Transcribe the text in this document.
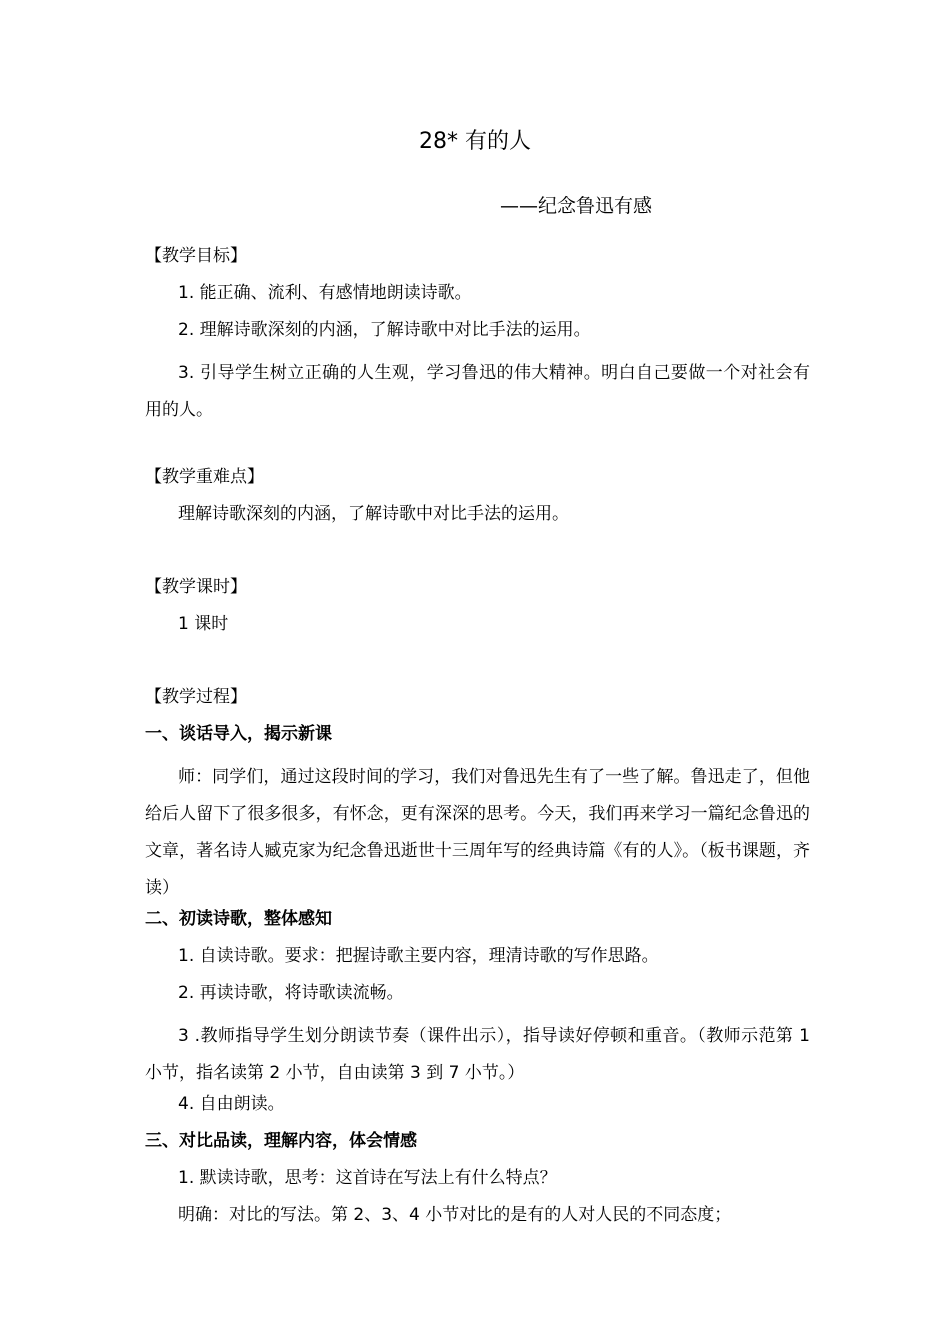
28* 有的人
——纪念鲁迅有感
【教学目标】
1. 能正确、流利、有感情地朗读诗歌。
2. 理解诗歌深刻的内涵，了解诗歌中对比手法的运用。

3. 引导学生树立正确的人生观，学习鲁迅的伟大精神。明白自己要做一个对社会有用的人。

【教学重难点】
理解诗歌深刻的内涵，了解诗歌中对比手法的运用。
【教学课时】
1 课时
【教学过程】
一、谈话导入，揭示新课

师：同学们，通过这段时间的学习，我们对鲁迅先生有了一些了解。鲁迅走了，但他给后人留下了很多很多，有怀念，更有深深的思考。今天，我们再来学习一篇纪念鲁迅的文章，著名诗人臧克家为纪念鲁迅逝世十三周年写的经典诗篇《有的人》。（板书课题，齐读）

二、初读诗歌，整体感知
1. 自读诗歌。要求：把握诗歌主要内容，理清诗歌的写作思路。
2. 再读诗歌，将诗歌读流畅。

3 .教师指导学生划分朗读节奏（课件出示），指导读好停顿和重音。（教师示范第 1 小节，指名读第 2 小节，自由读第 3 到 7 小节。）

4. 自由朗读。
三、对比品读，理解内容，体会情感
1. 默读诗歌，思考：这首诗在写法上有什么特点？
明确：对比的写法。第 2、3、4 小节对比的是有的人对人民的不同态度；
